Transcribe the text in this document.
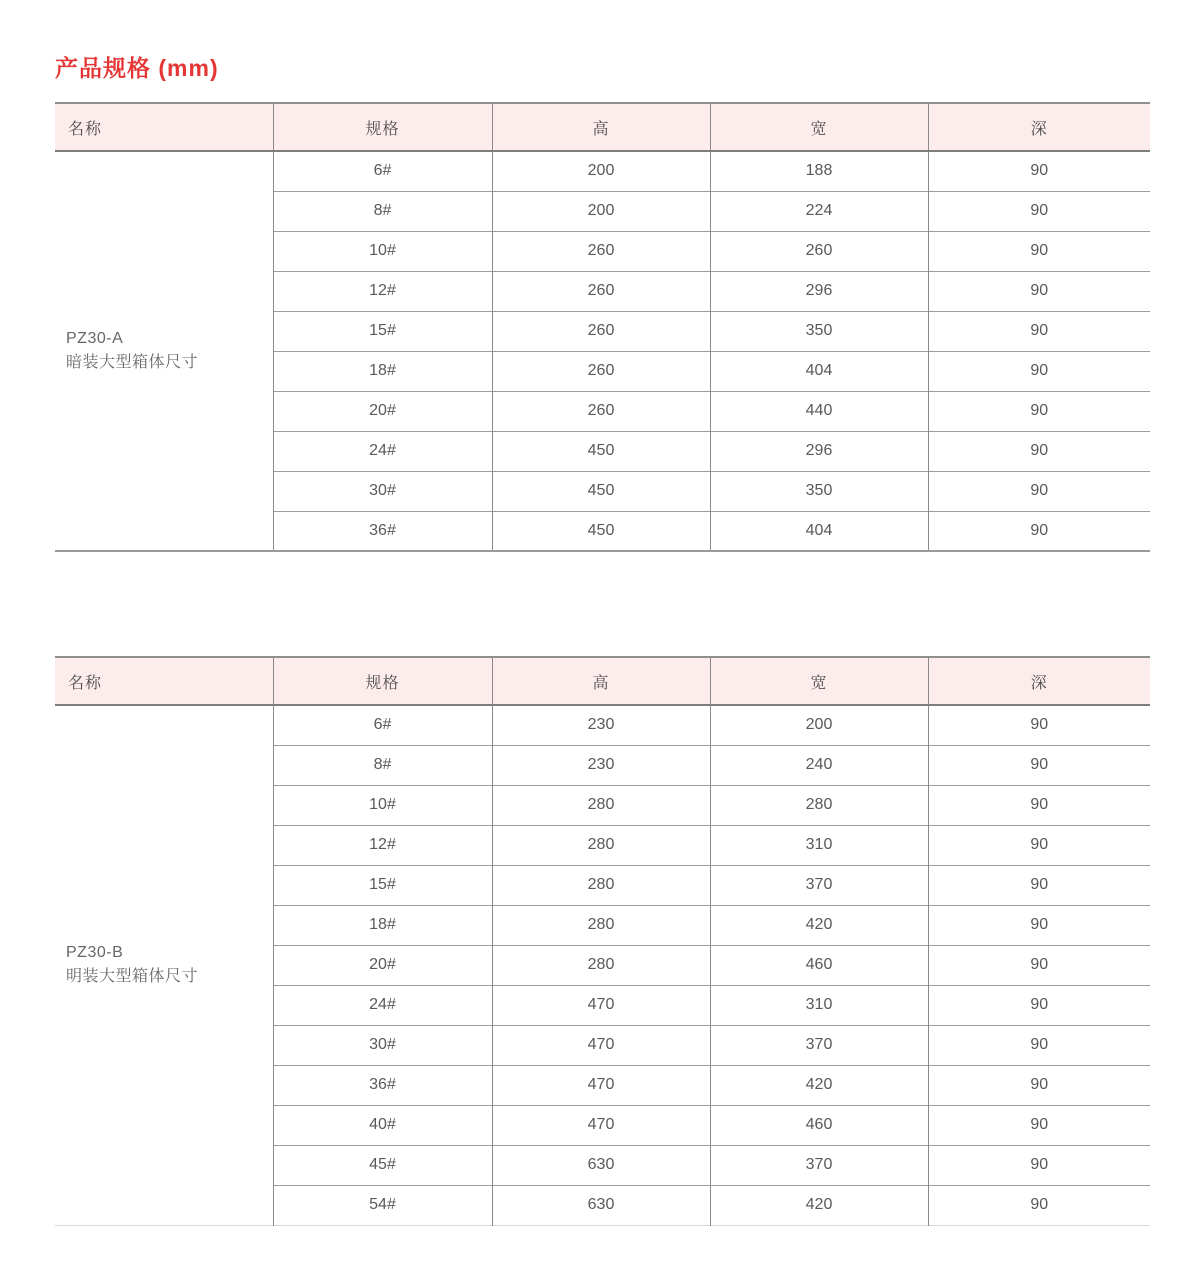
产品规格 (mm)
名称	规格	高	宽	深

PZ30-A
暗装大型箱体尺寸	6#	200	188	90
	8#	200	224	90
	10#	260	260	90
	12#	260	296	90
	15#	260	350	90
	18#	260	404	90
	20#	260	440	90
	24#	450	296	90
	30#	450	350	90
	36#	450	404	90
名称	规格	高	宽	深

PZ30-B
明装大型箱体尺寸	6#	230	200	90
	8#	230	240	90
	10#	280	280	90
	12#	280	310	90
	15#	280	370	90
	18#	280	420	90
	20#	280	460	90
	24#	470	310	90
	30#	470	370	90
	36#	470	420	90
	40#	470	460	90
	45#	630	370	90
	54#	630	420	90
